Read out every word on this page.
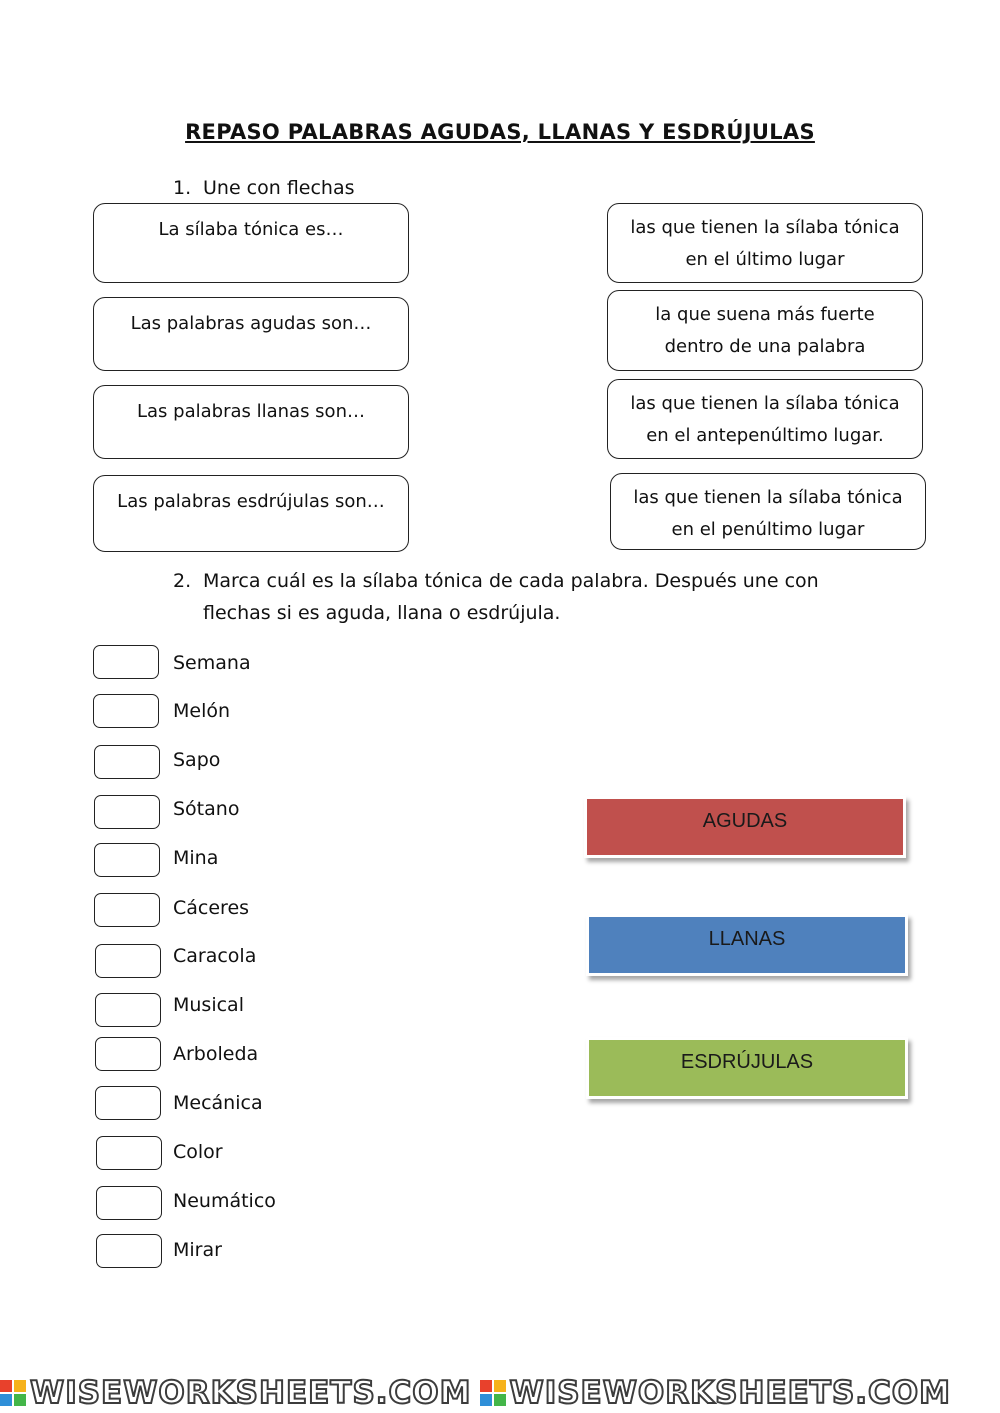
REPASO PALABRAS AGUDAS, LLANAS Y ESDRÚJULAS
1. Une con flechas
La sílaba tónica es…
Las palabras agudas son…
Las palabras llanas son…
Las palabras esdrújulas son…
las que tienen la sílaba tónica
en el último lugar
la que suena más fuerte
dentro de una palabra
las que tienen la sílaba tónica
en el antepenúltimo lugar.
las que tienen la sílaba tónica
en el penúltimo lugar
2. Marca cuál es la sílaba tónica de cada palabra. Después une con
flechas si es aguda, llana o esdrújula.
Semana
Melón
Sapo
Sótano
Mina
Cáceres
Caracola
Musical
Arboleda
Mecánica
Color
Neumático
Mirar
AGUDAS
LLANAS
ESDRÚJULAS
WISEWORKSHEETS.COM WISEWORKSHEETS.COM
